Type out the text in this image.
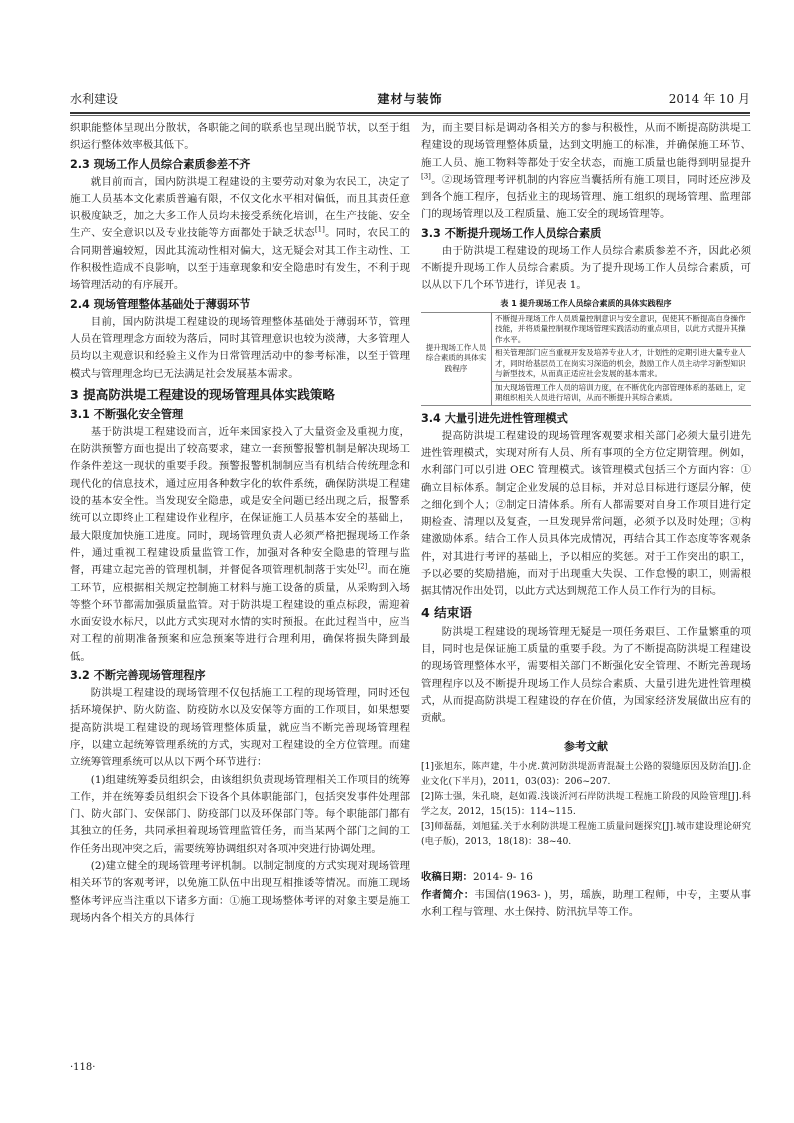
水利建设	建材与装饰	2014 年 10 月

织职能整体呈现出分散状，各职能之间的联系也呈现出脱节状，以至于组织运行整体效率极其低下。

2.3 现场工作人员综合素质参差不齐

就目前而言，国内防洪堤工程建设的主要劳动对象为农民工，决定了施工人员基本文化素质普遍有限，不仅文化水平相对偏低，而且其责任意识极度缺乏，加之大多工作人员均未接受系统化培训，在生产技能、安全生产、安全意识以及专业技能等方面都处于缺乏状态[1]。同时，农民工的合同期普遍较短，因此其流动性相对偏大，这无疑会对其工作主动性、工作积极性造成不良影响，以至于违章现象和安全隐患时有发生，不利于现场管理活动的有序展开。

2.4 现场管理整体基础处于薄弱环节

目前，国内防洪堤工程建设的现场管理整体基础处于薄弱环节，管理人员在管理理念方面较为落后，同时其管理意识也较为淡薄，大多管理人员均以主观意识和经验主义作为日常管理活动中的参考标准，以至于管理模式与管理理念均已无法满足社会发展基本需求。

3 提高防洪堤工程建设的现场管理具体实践策略
3.1 不断强化安全管理

基于防洪堤工程建设而言，近年来国家投入了大量资金及重视力度，在防洪预警方面也提出了较高要求，建立一套预警报警机制是解决现场工作条件差这一现状的重要手段。预警报警机制制应当有机结合传统理念和现代化的信息技术，通过应用各种数字化的软件系统，确保防洪堤工程建设的基本安全性。当发现安全隐患，或是安全问题已经出现之后，报警系统可以立即终止工程建设作业程序，在保证施工人员基本安全的基础上，最大限度加快施工进度。同时，现场管理负责人必须严格把握现场工作条件，通过重视工程建设质量监管工作，加强对各种安全隐患的管理与监督，再建立起完善的管理机制，并督促各项管理机制落于实处[2]。而在施工环节，应根据相关规定控制施工材料与施工设备的质量，从采购到入场等整个环节都需加强质量监管。对于防洪堤工程建设的重点标段，需迎着水面安设水标尺，以此方式实现对水情的实时预报。在此过程当中，应当对工程的前期准备预案和应急预案等进行合理利用，确保将损失降到最低。

3.2 不断完善现场管理程序

防洪堤工程建设的现场管理不仅包括施工工程的现场管理，同时还包括环境保护、防火防盗、防疫防水以及安保等方面的工作项目，如果想要提高防洪堤工程建设的现场管理整体质量，就应当不断完善现场管理程序，以建立起统筹管理系统的方式，实现对工程建设的全方位管理。而建立统筹管理系统可以从以下两个环节进行：

(1)组建统筹委员组织会，由该组织负责现场管理相关工作项目的统筹工作，并在统筹委员组织会下设各个具体职能部门，包括突发事件处理部门、防火部门、安保部门、防疫部门以及环保部门等。每个职能部门都有其独立的任务，共同承担着现场管理监管任务，而当某两个部门之间的工作任务出现冲突之后，需要统筹协调组织对各项冲突进行协调处理。

(2)建立健全的现场管理考评机制。以制定制度的方式实现对现场管理相关环节的客观考评，以免施工队伍中出现互相推诿等情况。而施工现场整体考评应当注重以下诸多方面：①施工现场整体考评的对象主要是施工现场内各个相关方的具体行

为，而主要目标是调动各相关方的参与积极性，从而不断提高防洪堤工程建设的现场管理整体质量，达到文明施工的标准，并确保施工环节、施工人员、施工物料等都处于安全状态，而施工质量也能得到明显提升[3]。②现场管理考评机制的内容应当囊括所有施工项目，同时还应涉及到各个施工程序，包括业主的现场管理、施工组织的现场管理、监理部门的现场管理以及工程质量、施工安全的现场管理等。

3.3 不断提升现场工作人员综合素质

由于防洪堤工程建设的现场工作人员综合素质参差不齐，因此必须不断提升现场工作人员综合素质。为了提升现场工作人员综合素质，可以从以下几个环节进行，详见表 1。

表 1 提升现场工作人员综合素质的具体实践程序
提升现场工作人员综合素质的具体实践程序	不断提升现场工作人员质量控制意识与安全意识，促使其不断提高自身操作技能，并将质量控制视作现场管理实践活动的重点项目，以此方式提升其操作水平。
相关管理部门应当重视开发及培养专业人才，计划性的定期引进大量专业人才，同时给基层员工在岗实习深造的机会，鼓励工作人员主动学习新型知识与新型技术，从而真正适应社会发展的基本需求。
加大现场管理工作人员的培训力度，在不断优化内部管理体系的基础上，定期组织相关人员进行培训，从而不断提升其综合素质。
3.4 大量引进先进性管理模式

提高防洪堤工程建设的现场管理客观要求相关部门必须大量引进先进性管理模式，实现对所有人员、所有事项的全方位定期管理。例如，水利部门可以引进 OEC 管理模式。该管理模式包括三个方面内容：①确立目标体系。制定企业发展的总目标，并对总目标进行逐层分解，使之细化到个人；②制定日清体系。所有人都需要对自身工作项目进行定期检查、清理以及复查，一旦发现异常问题，必须予以及时处理；③构建激励体系。结合工作人员具体完成情况，再结合其工作态度等客观条件，对其进行考评的基础上，予以相应的奖惩。对于工作突出的职工，予以必要的奖励措施，而对于出现重大失误、工作怠慢的职工，则需根据其情况作出处罚，以此方式达到规范工作人员工作行为的目标。

4 结束语

防洪堤工程建设的现场管理无疑是一项任务艰巨、工作量繁重的项目，同时也是保证施工质量的重要手段。为了不断提高防洪堤工程建设的现场管理整体水平，需要相关部门不断强化安全管理、不断完善现场管理程序以及不断提升现场工作人员综合素质、大量引进先进性管理模式，从而提高防洪堤工程建设的存在价值，为国家经济发展做出应有的贡献。

参考文献

[1]张旭东，陈声建，牛小虎.黄河防洪堤沥青混凝土公路的裂缝原因及防治[J].企业文化(下半月)，2011，03(03)：206~207.

[2]陈士强，朱孔晓，赵如霞.浅谈沂河石岸防洪堤工程施工阶段的风险管理[J].科学之友，2012，15(15)：114~115.

[3]师磊磊，刘旭猛.关于水利防洪堤工程施工质量问题探究[J].城市建设理论研究(电子版)，2013，18(18)：38~40.

收稿日期：2014- 9- 16

作者简介：韦国信(1963- )，男，瑶族，助理工程师，中专，主要从事水利工程与管理、水土保持、防汛抗旱等工作。

·118·
